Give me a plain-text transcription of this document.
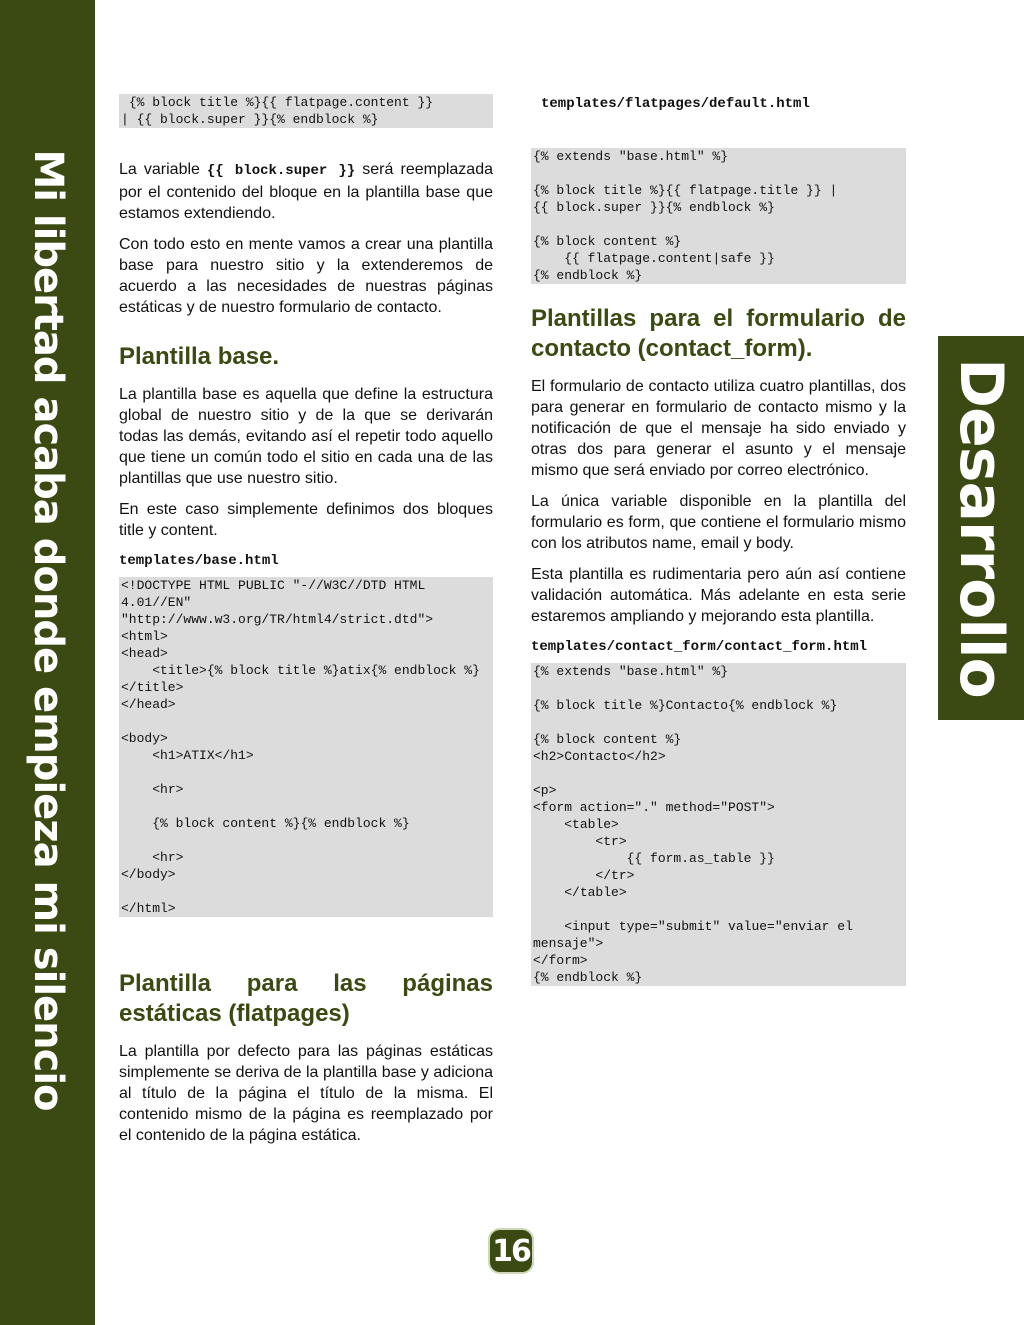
Mi libertad acaba donde empieza mi silencio	Desarrollo
{% block title %}{{ flatpage.content }}
| {{ block.super }}{% endblock %}

La variable {{ block.super }} será reemplazada por el contenido del bloque en la plantilla base que estamos extendiendo.

Con todo esto en mente vamos a crear una plantilla base para nuestro sitio y la extenderemos de acuerdo a las necesidades de nuestras páginas estáticas y de nuestro formulario de contacto.

Plantilla base.

La plantilla base es aquella que define la estructura global de nuestro sitio y de la que se derivarán todas las demás, evitando así el repetir todo aquello que tiene un común todo el sitio en cada una de las plantillas que use nuestro sitio.

En este caso simplemente definimos dos bloques title y content.

templates/base.html
<!DOCTYPE HTML PUBLIC "-//W3C//DTD HTML 4.01//EN"
"http://www.w3.org/TR/html4/strict.dtd">
<html>
<head>
<title>{% block title %}atix{% endblock %}</title>
</head>

<body>
<h1>ATIX</h1>

<hr>

{% block content %}{% endblock %}

<hr>
</body>

</html>
Plantilla para las páginas estáticas (flatpages)

La plantilla por defecto para las páginas estáticas simplemente se deriva de la plantilla base y adiciona al título de la página el título de la misma. El contenido mismo de la página es reemplazado por el contenido de la página estática.

templates/flatpages/default.html
{% extends "base.html" %}

{% block title %}{{ flatpage.title }} |
{{ block.super }}{% endblock %}

{% block content %}
{{ flatpage.content|safe }}
{% endblock %}
Plantillas para el formulario de contacto (contact_form).

El formulario de contacto utiliza cuatro plantillas, dos para generar en formulario de contacto mismo y la notificación de que el mensaje ha sido enviado y otras dos para generar el asunto y el mensaje mismo que será enviado por correo electrónico.

La única variable disponible en la plantilla del formulario es form, que contiene el formulario mismo con los atributos name, email y body.

Esta plantilla es rudimentaria pero aún así contiene validación automática. Más adelante en esta serie estaremos ampliando y mejorando esta plantilla.

templates/contact_form/contact_form.html
{% extends "base.html" %}

{% block title %}Contacto{% endblock %}

{% block content %}
<h2>Contacto</h2>

<p>
<form action="." method="POST">
<table>
<tr>
{{ form.as_table }}
</tr>
</table>

<input type="submit" value="enviar el mensaje">
</form>
{% endblock %}
16
